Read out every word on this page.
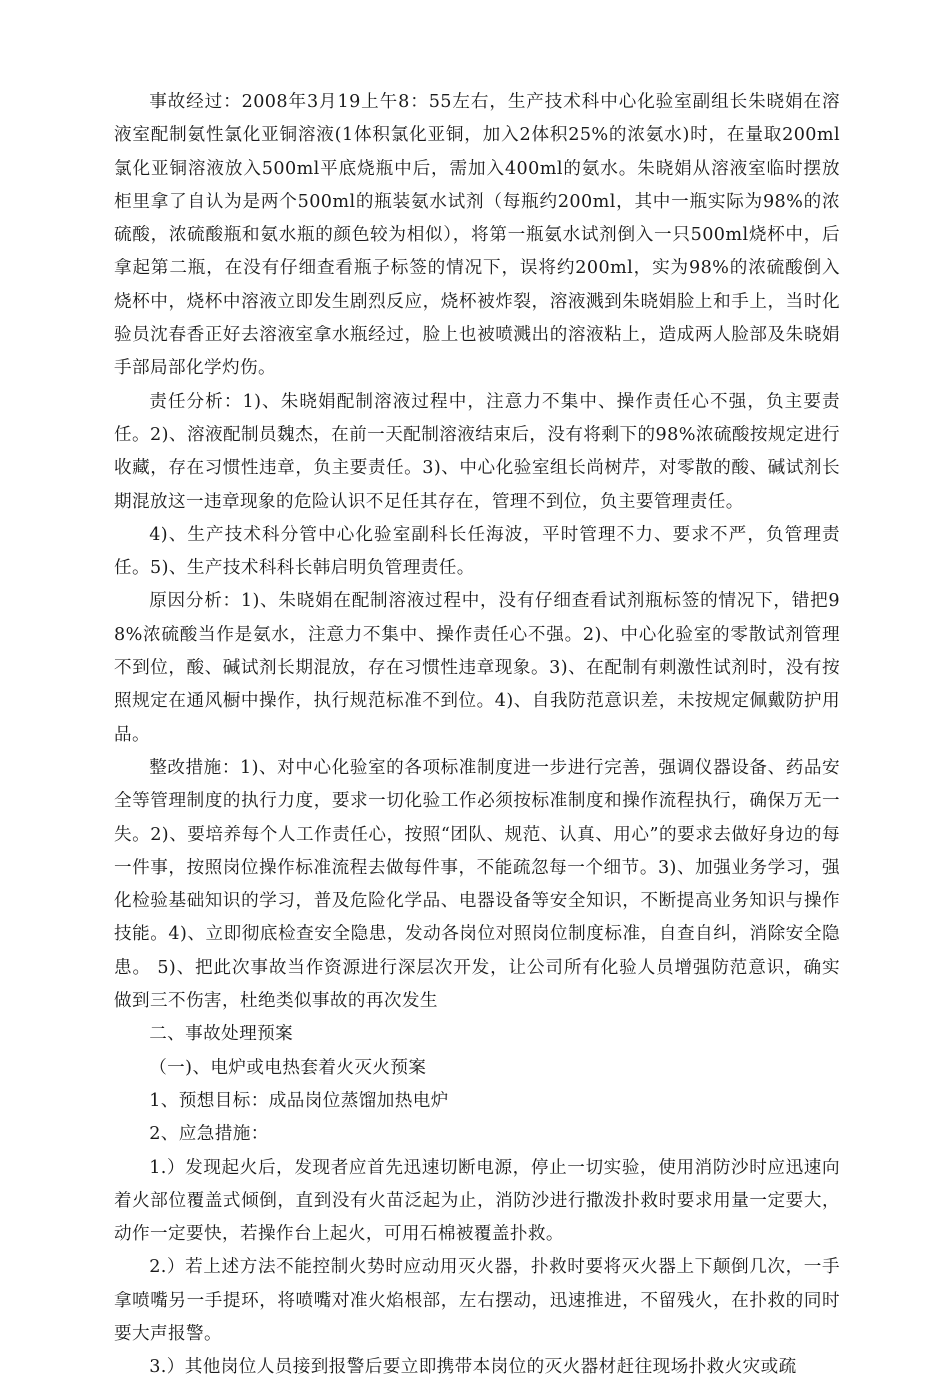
事故经过：2008年3月19上午8：55左右，生产技术科中心化验室副组长朱晓娟在溶液室配制氨性氯化亚铜溶液(1体积氯化亚铜，加入2体积25%的浓氨水)时，在量取200ml氯化亚铜溶液放入500ml平底烧瓶中后，需加入400ml的氨水。朱晓娟从溶液室临时摆放柜里拿了自认为是两个500ml的瓶装氨水试剂（每瓶约200ml，其中一瓶实际为98%的浓硫酸，浓硫酸瓶和氨水瓶的颜色较为相似），将第一瓶氨水试剂倒入一只500ml烧杯中，后拿起第二瓶，在没有仔细查看瓶子标签的情况下，误将约200ml，实为98%的浓硫酸倒入烧杯中，烧杯中溶液立即发生剧烈反应，烧杯被炸裂，溶液溅到朱晓娟脸上和手上，当时化验员沈春香正好去溶液室拿水瓶经过，脸上也被喷溅出的溶液粘上，造成两人脸部及朱晓娟手部局部化学灼伤。

责任分析：1)、朱晓娟配制溶液过程中，注意力不集中、操作责任心不强，负主要责任。2)、溶液配制员魏杰，在前一天配制溶液结束后，没有将剩下的98%浓硫酸按规定进行收藏，存在习惯性违章，负主要责任。3)、中心化验室组长尚树芹，对零散的酸、碱试剂长期混放这一违章现象的危险认识不足任其存在，管理不到位，负主要管理责任。

4)、生产技术科分管中心化验室副科长任海波，平时管理不力、要求不严，负管理责任。5)、生产技术科科长韩启明负管理责任。

原因分析：1)、朱晓娟在配制溶液过程中，没有仔细查看试剂瓶标签的情况下，错把98%浓硫酸当作是氨水，注意力不集中、操作责任心不强。2)、中心化验室的零散试剂管理不到位，酸、碱试剂长期混放，存在习惯性违章现象。3)、在配制有刺激性试剂时，没有按照规定在通风橱中操作，执行规范标准不到位。4)、自我防范意识差，未按规定佩戴防护用品。

整改措施：1)、对中心化验室的各项标准制度进一步进行完善，强调仪器设备、药品安全等管理制度的执行力度，要求一切化验工作必须按标准制度和操作流程执行，确保万无一失。2)、要培养每个人工作责任心，按照“团队、规范、认真、用心”的要求去做好身边的每一件事，按照岗位操作标准流程去做每件事，不能疏忽每一个细节。3)、加强业务学习，强化检验基础知识的学习，普及危险化学品、电器设备等安全知识，不断提高业务知识与操作技能。4)、立即彻底检查安全隐患，发动各岗位对照岗位制度标准，自查自纠，消除安全隐患。 5)、把此次事故当作资源进行深层次开发，让公司所有化验人员增强防范意识，确实做到三不伤害，杜绝类似事故的再次发生

二、事故处理预案

（一)、电炉或电热套着火灭火预案

1、预想目标：成品岗位蒸馏加热电炉

2、应急措施：

1.）发现起火后，发现者应首先迅速切断电源，停止一切实验，使用消防沙时应迅速向着火部位覆盖式倾倒，直到没有火苗泛起为止，消防沙进行撒泼扑救时要求用量一定要大，动作一定要快，若操作台上起火，可用石棉被覆盖扑救。

2.）若上述方法不能控制火势时应动用灭火器，扑救时要将灭火器上下颠倒几次，一手拿喷嘴另一手提环，将喷嘴对准火焰根部，左右摆动，迅速推进，不留残火，在扑救的同时要大声报警。

3.）其他岗位人员接到报警后要立即携带本岗位的灭火器材赶往现场扑救火灾或疏
